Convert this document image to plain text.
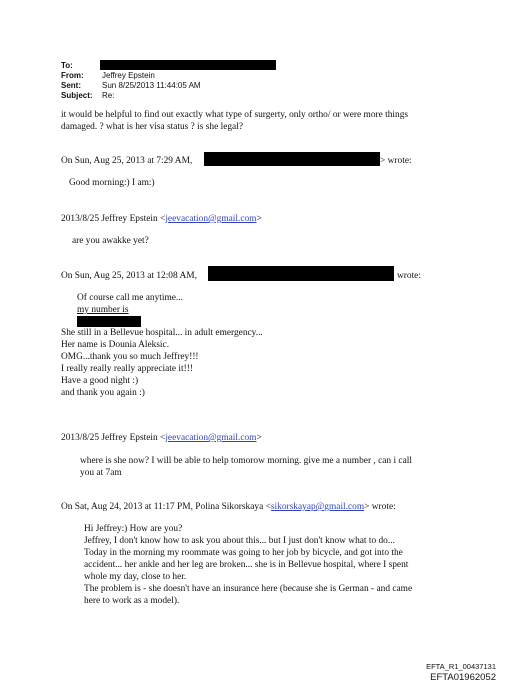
To:
From: Jeffrey Epstein
Sent:	Sun 8/25/2013 11:44:05 AM
Subject: Re:
it would be helpful to find out exactly what type of surgerty, only ortho/ or were more things
damaged. ? what is her visa status ? is she legal?
On Sun, Aug 25, 2013 at 7:29 AM,	> wrote:
Good morning:) I am:)
2013/8/25 Jeffrey Epstein <jeevacation@gmail.com>
are you awakke yet?
On Sun, Aug 25, 2013 at 12:08 AM,	wrote:
Of course call me anytime...
my number is
She still in a Bellevue hospital... in adult emergency...
Her name is Dounia Aleksic.
OMG...thank you so much Jeffrey!!!
I really really really appreciate it!!!
Have a good night :)
and thank you again :)
2013/8/25 Jeffrey Epstein <jeevacation@gmail.com>
where is she now? I will be able to help tomorow morning. give me a number , can i call
you at 7am
On Sat, Aug 24, 2013 at 11:17 PM, Polina Sikorskaya <sikorskayap@gmail.com> wrote:
Hi Jeffrey:) How are you?
Jeffrey, I don't know how to ask you about this... but I just don't know what to do...
Today in the morning my roommate was going to her job by bicycle, and got into the
accident... her ankle and her leg are broken... she is in Bellevue hospital, where I spent
whole my day, close to her.
The problem is - she doesn't have an insurance here (because she is German - and came
here to work as a model).
EFTA_R1_00437131
EFTA01962052
